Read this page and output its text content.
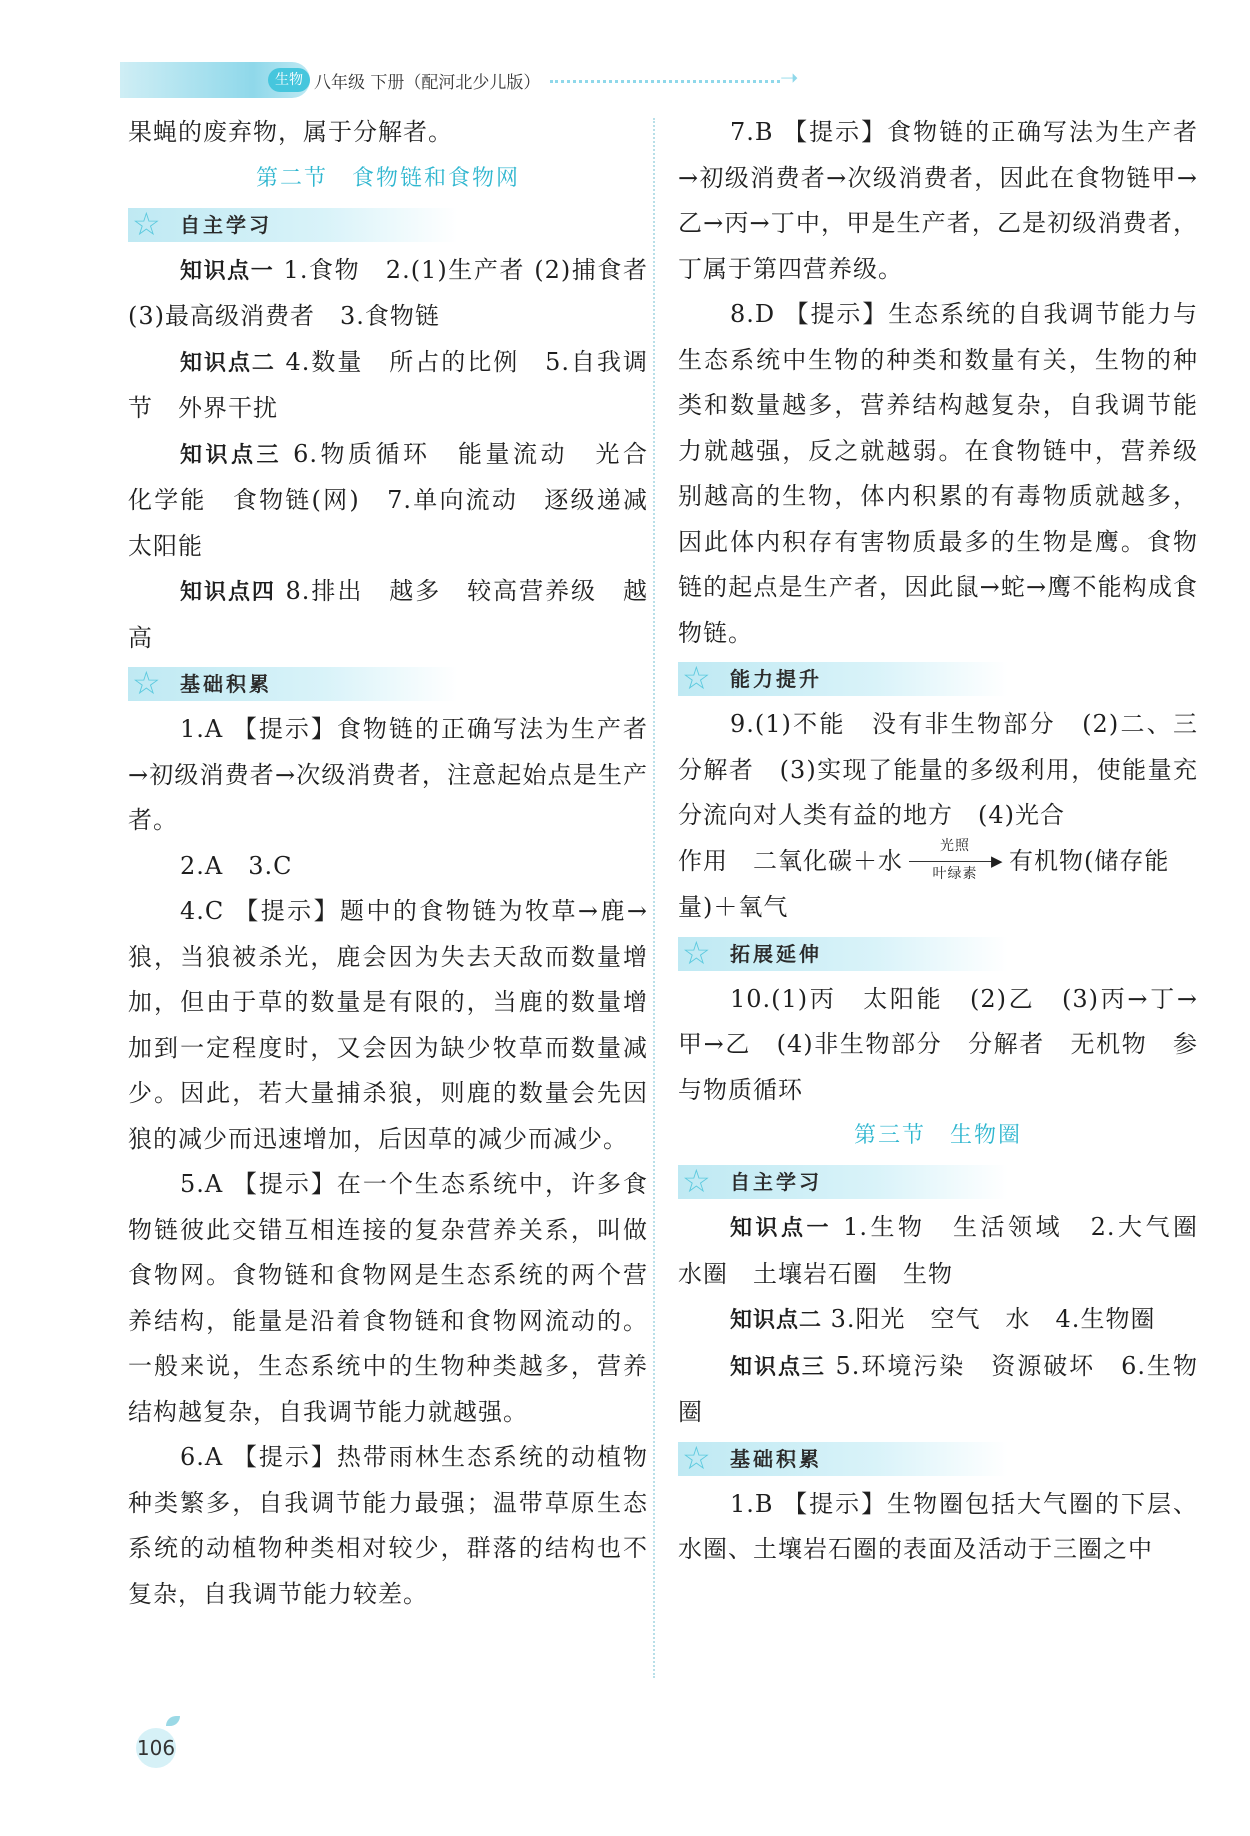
生物 八年级 下册（配河北少儿版）	➝

果蝇的废弃物，属于分解者。

第二节　食物链和食物网

☆ 自主学习

知识点一 1.食物　2.(1)生产者 (2)捕食者　(3)最高级消费者　3.食物链

知识点二 4.数量　所占的比例　5.自我调节　外界干扰

知识点三 6.物质循环　能量流动　光合　化学能　食物链(网)　7.单向流动　逐级递减　太阳能

知识点四 8.排出　越多　较高营养级　越高

☆ 基础积累

1.A 【提示】食物链的正确写法为生产者→初级消费者→次级消费者，注意起始点是生产者。

2.A　3.C

4.C 【提示】题中的食物链为牧草→鹿→狼，当狼被杀光，鹿会因为失去天敌而数量增加，但由于草的数量是有限的，当鹿的数量增加到一定程度时，又会因为缺少牧草而数量减少。因此，若大量捕杀狼，则鹿的数量会先因狼的减少而迅速增加，后因草的减少而减少。

5.A 【提示】在一个生态系统中，许多食物链彼此交错互相连接的复杂营养关系，叫做食物网。食物链和食物网是生态系统的两个营养结构，能量是沿着食物链和食物网流动的。一般来说，生态系统中的生物种类越多，营养结构越复杂，自我调节能力就越强。

6.A 【提示】热带雨林生态系统的动植物种类繁多，自我调节能力最强；温带草原生态系统的动植物种类相对较少，群落的结构也不复杂，自我调节能力较差。

7.B 【提示】食物链的正确写法为生产者→初级消费者→次级消费者，因此在食物链甲→乙→丙→丁中，甲是生产者，乙是初级消费者，丁属于第四营养级。

8.D 【提示】生态系统的自我调节能力与生态系统中生物的种类和数量有关，生物的种类和数量越多，营养结构越复杂，自我调节能力就越强，反之就越弱。在食物链中，营养级别越高的生物，体内积累的有毒物质就越多，因此体内积存有害物质最多的生物是鹰。食物链的起点是生产者，因此鼠→蛇→鹰不能构成食物链。

☆ 能力提升

9.(1)不能　没有非生物部分　(2)二、三　分解者　(3)实现了能量的多级利用，使能量充分流向对人类有益的地方　(4)光合

作用　二氧化碳＋水
光照
▶
叶绿素	有机物(储存能

量)＋氧气

☆ 拓展延伸

10.(1)丙　太阳能　(2)乙　(3)丙→丁→甲→乙　(4)非生物部分　分解者　无机物　参与物质循环

第三节　生物圈

☆ 自主学习

知识点一 1.生物　生活领域　2.大气圈　水圈　土壤岩石圈　生物

知识点二 3.阳光　空气　水　4.生物圈

知识点三 5.环境污染　资源破坏　6.生物圈

☆ 基础积累

1.B 【提示】生物圈包括大气圈的下层、水圈、土壤岩石圈的表面及活动于三圈之中

106
